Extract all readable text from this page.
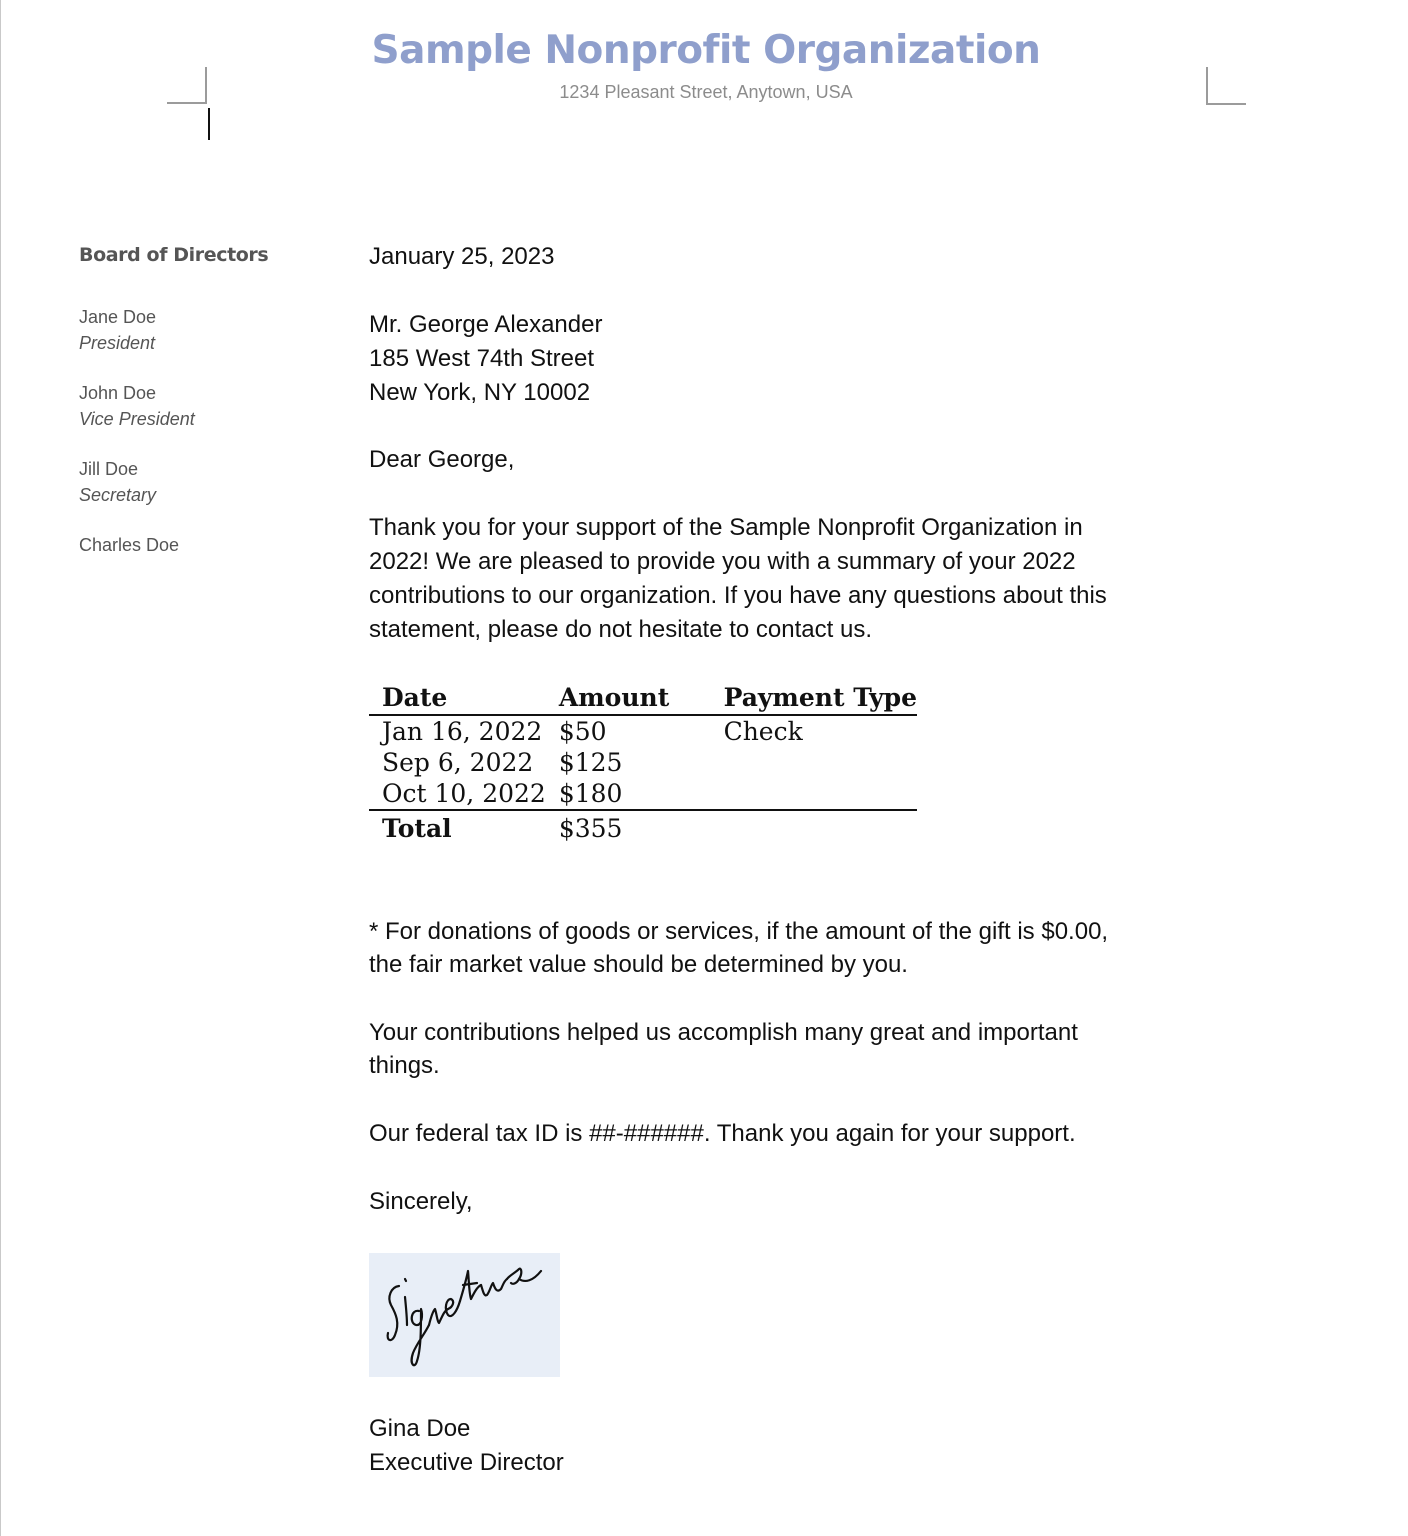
Sample Nonprofit Organization
1234 Pleasant Street, Anytown, USA
Board of Directors
Jane Doe
President
John Doe
Vice President
Jill Doe
Secretary
Charles Doe
January 25, 2023
Mr. George Alexander
185 West 74th Street
New York, NY 10002
Dear George,
Thank you for your support of the Sample Nonprofit Organization in
2022! We are pleased to provide you with a summary of your 2022
contributions to our organization. If you have any questions about this
statement, please do not hesitate to contact us.
Date	Amount	Payment Type
Jan 16, 2022	$50	Check
Sep 6, 2022	$125	
Oct 10, 2022	$180	
Total	$355	
* For donations of goods or services, if the amount of the gift is $0.00,
the fair market value should be determined by you.
Your contributions helped us accomplish many great and important
things.
Our federal tax ID is ##-######. Thank you again for your support.
Sincerely,
Gina Doe
Executive Director
